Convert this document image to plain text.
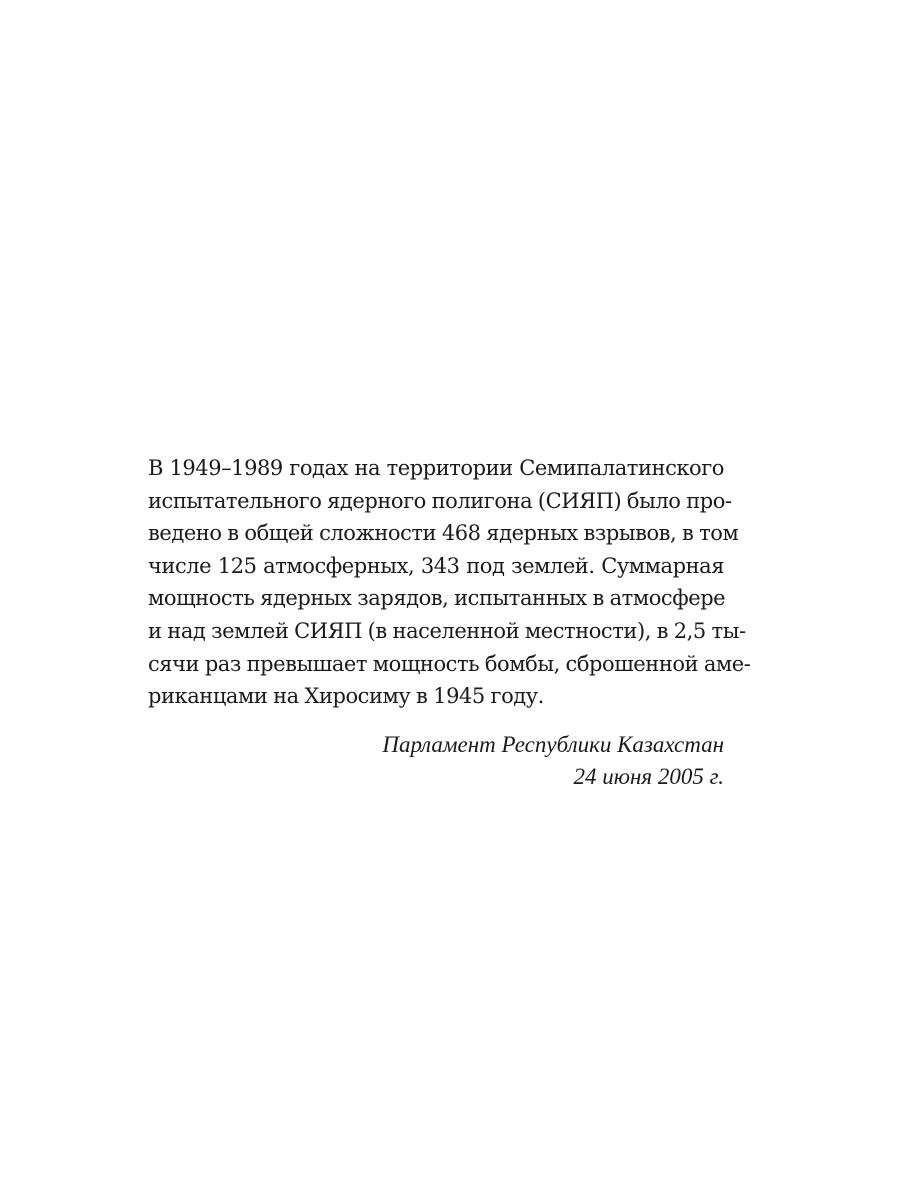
В 1949–1989 годах на территории Семипалатинского
испытательного ядерного полигона (СИЯП) было про-
ведено в общей сложности 468 ядерных взрывов, в том
числе 125 атмосферных, 343 под землей. Суммарная
мощность ядерных зарядов, испытанных в атмосфере
и над землей СИЯП (в населенной местности), в 2,5 ты-
сячи раз превышает мощность бомбы, сброшенной аме-
риканцами на Хиросиму в 1945 году.

Парламент Республики Казахстан
24 июня 2005 г.
